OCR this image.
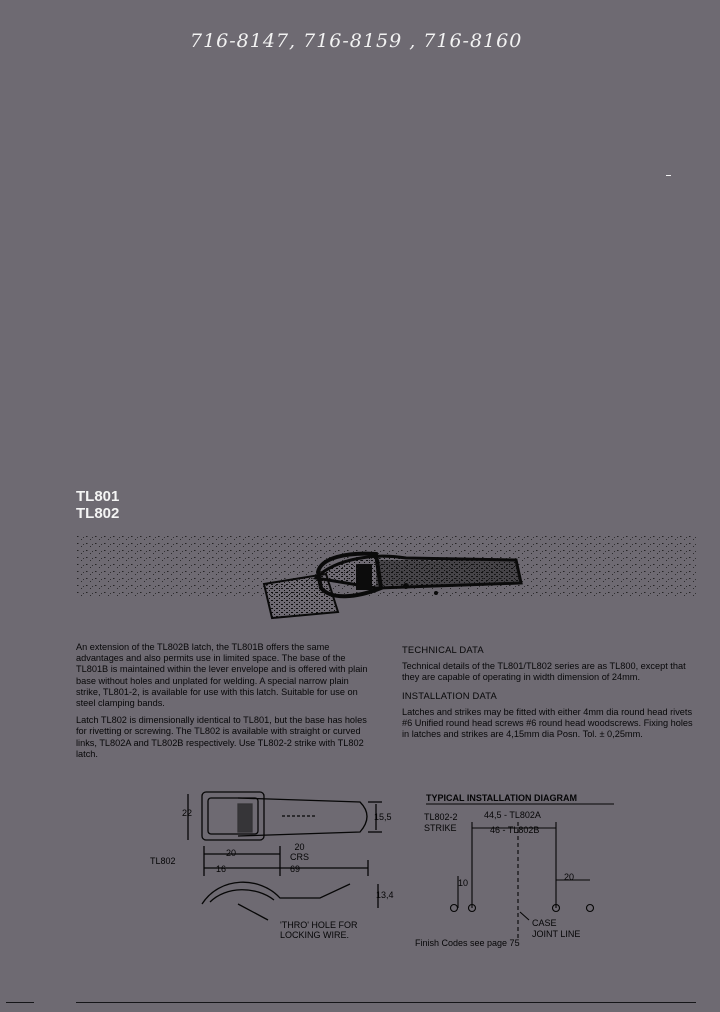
716-8147, 716-8159 , 716-8160
TL801
TL802

An extension of the TL802B latch, the TL801B offers the same advantages and also permits use in limited space. The base of the TL801B is maintained within the lever envelope and is offered with plain base without holes and unplated for welding. A special narrow plain strike, TL801-2, is available for use with this latch. Suitable for use on steel clamping bands.

Latch TL802 is dimensionally identical to TL801, but the base has holes for rivetting or screwing. The TL802 is available with straight or curved links, TL802A and TL802B respectively. Use TL802-2 strike with TL802 latch.

TECHNICAL DATA

Technical details of the TL801/TL802 series are as TL800, except that they are capable of operating in width dimension of 24mm.

INSTALLATION DATA

Latches and strikes may be fitted with either 4mm dia round head rivets #6 Unified round head screws #6 round head woodscrews. Fixing holes in latches and strikes are 4,15mm dia Posn. Tol. ± 0,25mm.

22	15,5
20
20
CRS
TL802
16	69
13,4
'THRO' HOLE FOR
LOCKING WIRE.
TYPICAL INSTALLATION DIAGRAM
TL802-2
STRIKE
44,5 - TL802A
46 - TL802B
10
20
CASE
JOINT LINE
Finish Codes see page 75
